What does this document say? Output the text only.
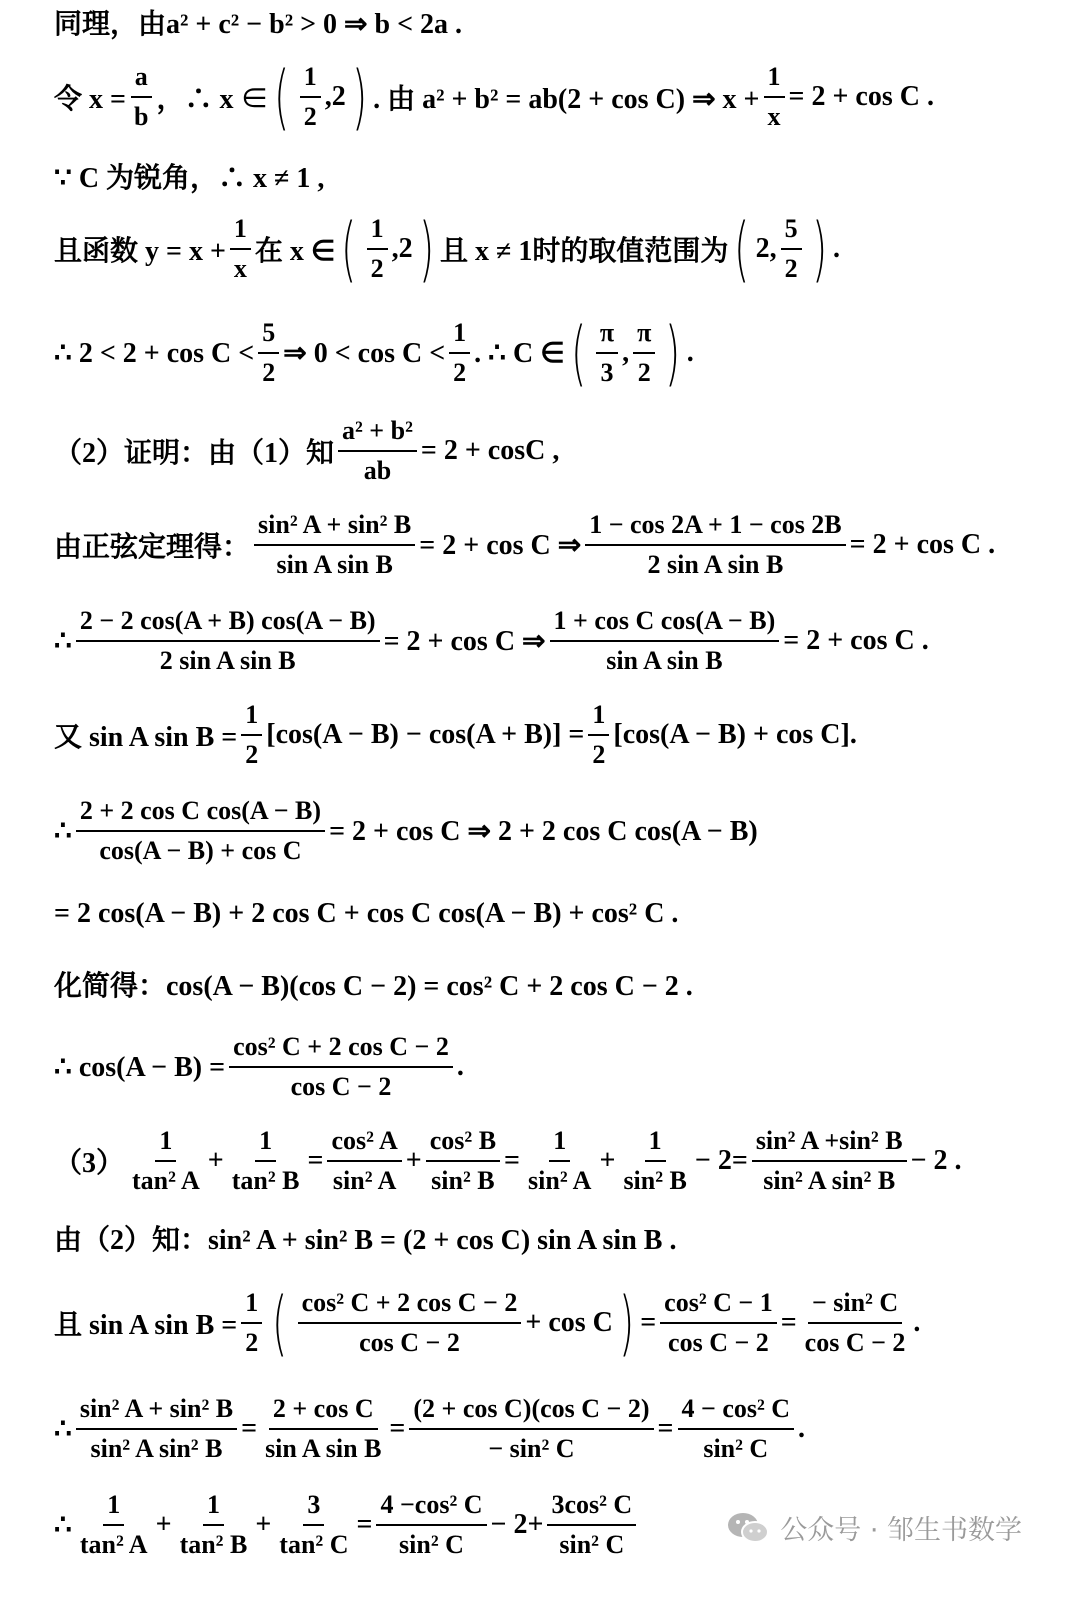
同理，由a² + c² − b² > 0 ⇒ b < 2a .
令 $x = \frac{a}{b}$ ，∴ x ∈ ( $\frac{1}{2} ,2$ ) . 由 a² + b² = ab(2 + cos C) ⇒ $x + \frac{1}{x} = 2 + \cos C$ .
∵ C 为锐角，∴ x ≠ 1 ,
且函数 $y = x + \frac{1}{x}$ 在 x ∈ ( $\frac{1}{2} ,2$ ) 且 x ≠ 1时的取值范围为 ( 2, $\frac{5}{2}$ ) .
∴ $2 < 2 + \cos C < \frac{5}{2}$ ⇒ $0 < \cos C < \frac{1}{2}$ . ∴ C ∈ ( $\frac{\pi}{3}$ , $\frac{\pi}{2}$ ) .
（2）证明：由（1）知 $\frac{\text{a² + b²}}{ab} = 2 + \cos C$ ,
由正弦定理得： $\frac{\text{sin² A + sin² B}}{\text{sin A sin B}} = 2 + \cos C$ ⇒ $\frac{1 - \cos 2A + 1 - \cos 2B}{\text{2 sin A sin B}} = 2 + \cos C$ .
∴ $\frac{2 - 2 \cos(A + B) \cos(A - B)}{\text{2 sin A sin B}} = 2 + \cos C$ ⇒ $\frac{\text{1 + cos C cos(A − B)}}{\text{sin A sin B}} = 2 + \cos C$ .
又 sin A $\sin B = \frac{1}{2} [\cos(A - B) - \cos(A + B)] = \frac{1}{2} [\cos(A - B) + \cos C]$.
∴ $\frac{\text{2 + 2 cos C cos(A − B)}}{\text{cos(A − B) + cos C}} = 2 + \cos C$ ⇒ 2 + 2 cos C cos(A − B)
= 2 cos(A − B) + 2 cos C + cos C cos(A − B) + cos² C .
化简得：cos(A − B)(cos C − 2) = cos² C + 2 cos C − 2 .
∴ $\cos(A - B) = \frac{\text{cos² C + 2 cos C − 2}}{\text{cos C − 2}}$ .
$(3) \frac{1}{\text{tan² A}} + \frac{1}{\text{tan² B}} = \frac{\text{cos² A}}{\text{sin² A}} + \frac{\text{cos² B}}{\text{sin² B}} = \frac{1}{\text{sin² A}} + \frac{1}{\text{sin² B}} - 2= \frac{\text{sin² A +sin² B}}{\text{sin² A sin² B}} - 2$ .
由（2）知：sin² A + sin² B = (2 + cos C) sin A sin B .
且 sin A $\sin B = \frac{1}{2}$ ( $\frac{\text{cos² C + 2 cos C − 2}}{\text{cos C − 2}} + \cos C$ ) = $\frac{\text{cos² C − 1}}{\text{cos C − 2}} = \frac{\text{− sin² C}}{\text{cos C − 2}}$ .
∴ $\frac{\text{sin² A + sin² B}}{\text{sin² A sin² B}} = \frac{\text{2 + cos C}}{\text{sin A sin B}} = \frac{\text{(2 + cos C)(cos C − 2)}}{\text{− sin² C}} = \frac{\text{4 − cos² C}}{\text{sin² C}}$ .
∴ $\frac{1}{\text{tan² A}} + \frac{1}{\text{tan² B}} + \frac{3}{\text{tan² C}} = \frac{\text{4 −cos² C}}{\text{sin² C}} - 2+ \frac{\text{3cos² C}}{\text{sin² C}}$	公众号 · 邹生书数学
